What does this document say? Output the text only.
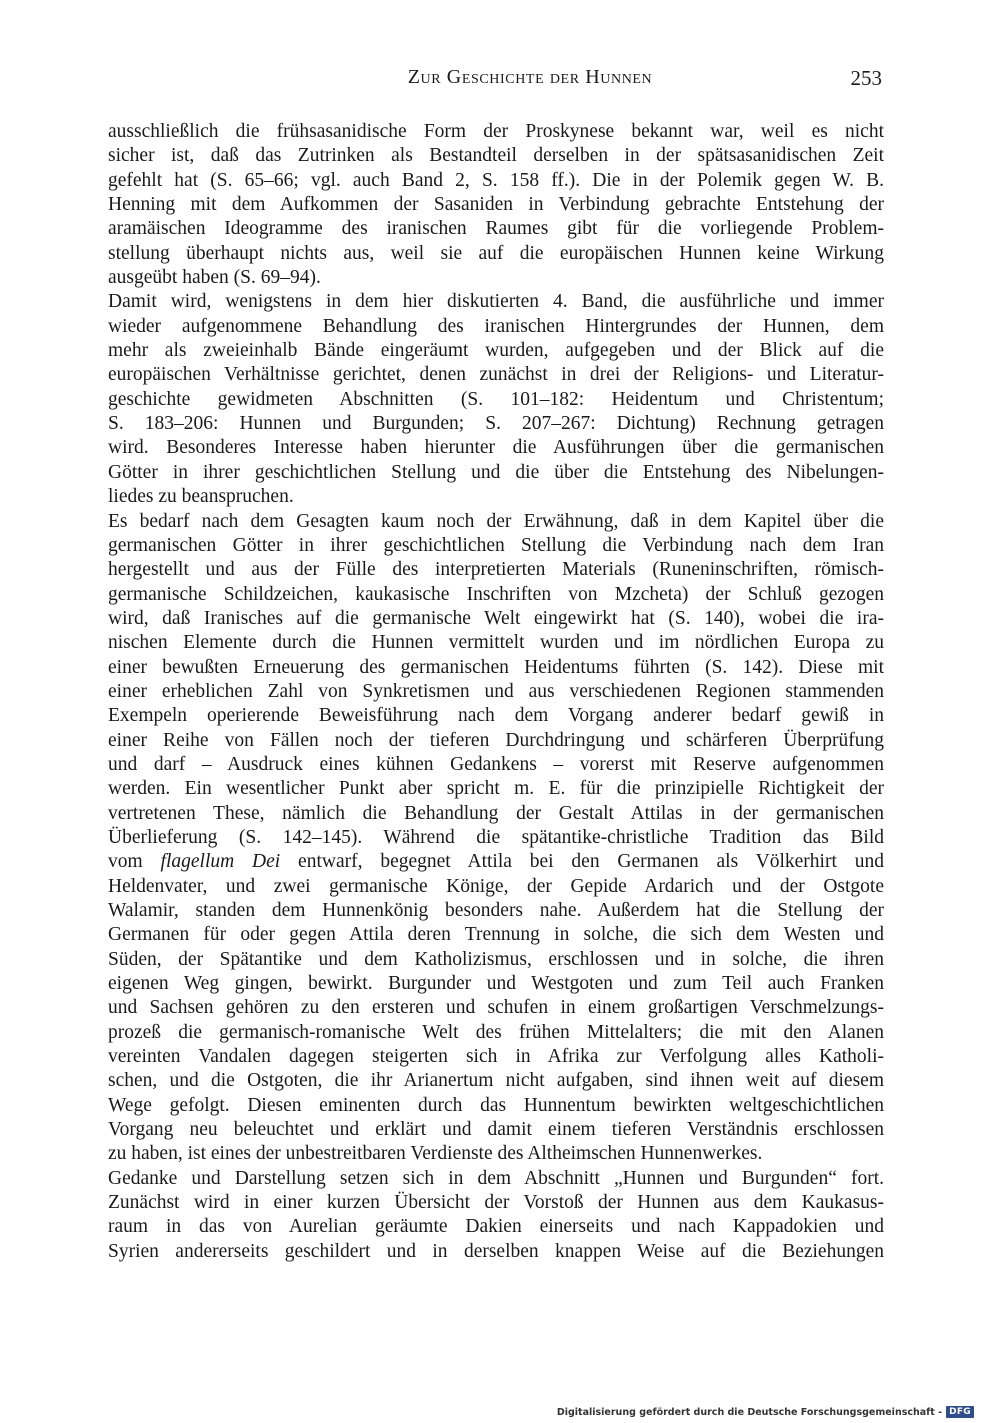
Zur Geschichte der Hunnen	253
ausschließlich die frühsasanidische Form der Proskynese bekannt war, weil es nicht
sicher ist, daß das Zutrinken als Bestandteil derselben in der spätsasanidischen Zeit
gefehlt hat (S. 65–66; vgl. auch Band 2, S. 158 ff.). Die in der Polemik gegen W. B.
Henning mit dem Aufkommen der Sasaniden in Verbindung gebrachte Entstehung der
aramäischen Ideogramme des iranischen Raumes gibt für die vorliegende Problem-
stellung überhaupt nichts aus, weil sie auf die europäischen Hunnen keine Wirkung
ausgeübt haben (S. 69–94).
Damit wird, wenigstens in dem hier diskutierten 4. Band, die ausführliche und immer
wieder aufgenommene Behandlung des iranischen Hintergrundes der Hunnen, dem
mehr als zweieinhalb Bände eingeräumt wurden, aufgegeben und der Blick auf die
europäischen Verhältnisse gerichtet, denen zunächst in drei der Religions- und Literatur-
geschichte gewidmeten Abschnitten (S. 101–182: Heidentum und Christentum;
S. 183–206: Hunnen und Burgunden; S. 207–267: Dichtung) Rechnung getragen
wird. Besonderes Interesse haben hierunter die Ausführungen über die germanischen
Götter in ihrer geschichtlichen Stellung und die über die Entstehung des Nibelungen-
liedes zu beanspruchen.
Es bedarf nach dem Gesagten kaum noch der Erwähnung, daß in dem Kapitel über die
germanischen Götter in ihrer geschichtlichen Stellung die Verbindung nach dem Iran
hergestellt und aus der Fülle des interpretierten Materials (Runeninschriften, römisch-
germanische Schildzeichen, kaukasische Inschriften von Mzcheta) der Schluß gezogen
wird, daß Iranisches auf die germanische Welt eingewirkt hat (S. 140), wobei die ira-
nischen Elemente durch die Hunnen vermittelt wurden und im nördlichen Europa zu
einer bewußten Erneuerung des germanischen Heidentums führten (S. 142). Diese mit
einer erheblichen Zahl von Synkretismen und aus verschiedenen Regionen stammenden
Exempeln operierende Beweisführung nach dem Vorgang anderer bedarf gewiß in
einer Reihe von Fällen noch der tieferen Durchdringung und schärferen Überprüfung
und darf – Ausdruck eines kühnen Gedankens – vorerst mit Reserve aufgenommen
werden. Ein wesentlicher Punkt aber spricht m. E. für die prinzipielle Richtigkeit der
vertretenen These, nämlich die Behandlung der Gestalt Attilas in der germanischen
Überlieferung (S. 142–145). Während die spätantike-christliche Tradition das Bild
vom flagellum Dei entwarf, begegnet Attila bei den Germanen als Völkerhirt und
Heldenvater, und zwei germanische Könige, der Gepide Ardarich und der Ostgote
Walamir, standen dem Hunnenkönig besonders nahe. Außerdem hat die Stellung der
Germanen für oder gegen Attila deren Trennung in solche, die sich dem Westen und
Süden, der Spätantike und dem Katholizismus, erschlossen und in solche, die ihren
eigenen Weg gingen, bewirkt. Burgunder und Westgoten und zum Teil auch Franken
und Sachsen gehören zu den ersteren und schufen in einem großartigen Verschmelzungs-
prozeß die germanisch-romanische Welt des frühen Mittelalters; die mit den Alanen
vereinten Vandalen dagegen steigerten sich in Afrika zur Verfolgung alles Katholi-
schen, und die Ostgoten, die ihr Arianertum nicht aufgaben, sind ihnen weit auf diesem
Wege gefolgt. Diesen eminenten durch das Hunnentum bewirkten weltgeschichtlichen
Vorgang neu beleuchtet und erklärt und damit einem tieferen Verständnis erschlossen
zu haben, ist eines der unbestreitbaren Verdienste des Altheimschen Hunnenwerkes.
Gedanke und Darstellung setzen sich in dem Abschnitt „Hunnen und Burgunden“ fort.
Zunächst wird in einer kurzen Übersicht der Vorstoß der Hunnen aus dem Kaukasus-
raum in das von Aurelian geräumte Dakien einerseits und nach Kappadokien und
Syrien andererseits geschildert und in derselben knappen Weise auf die Beziehungen
Digitalisierung gefördert durch die Deutsche Forschungsgemeinschaft - DFG
